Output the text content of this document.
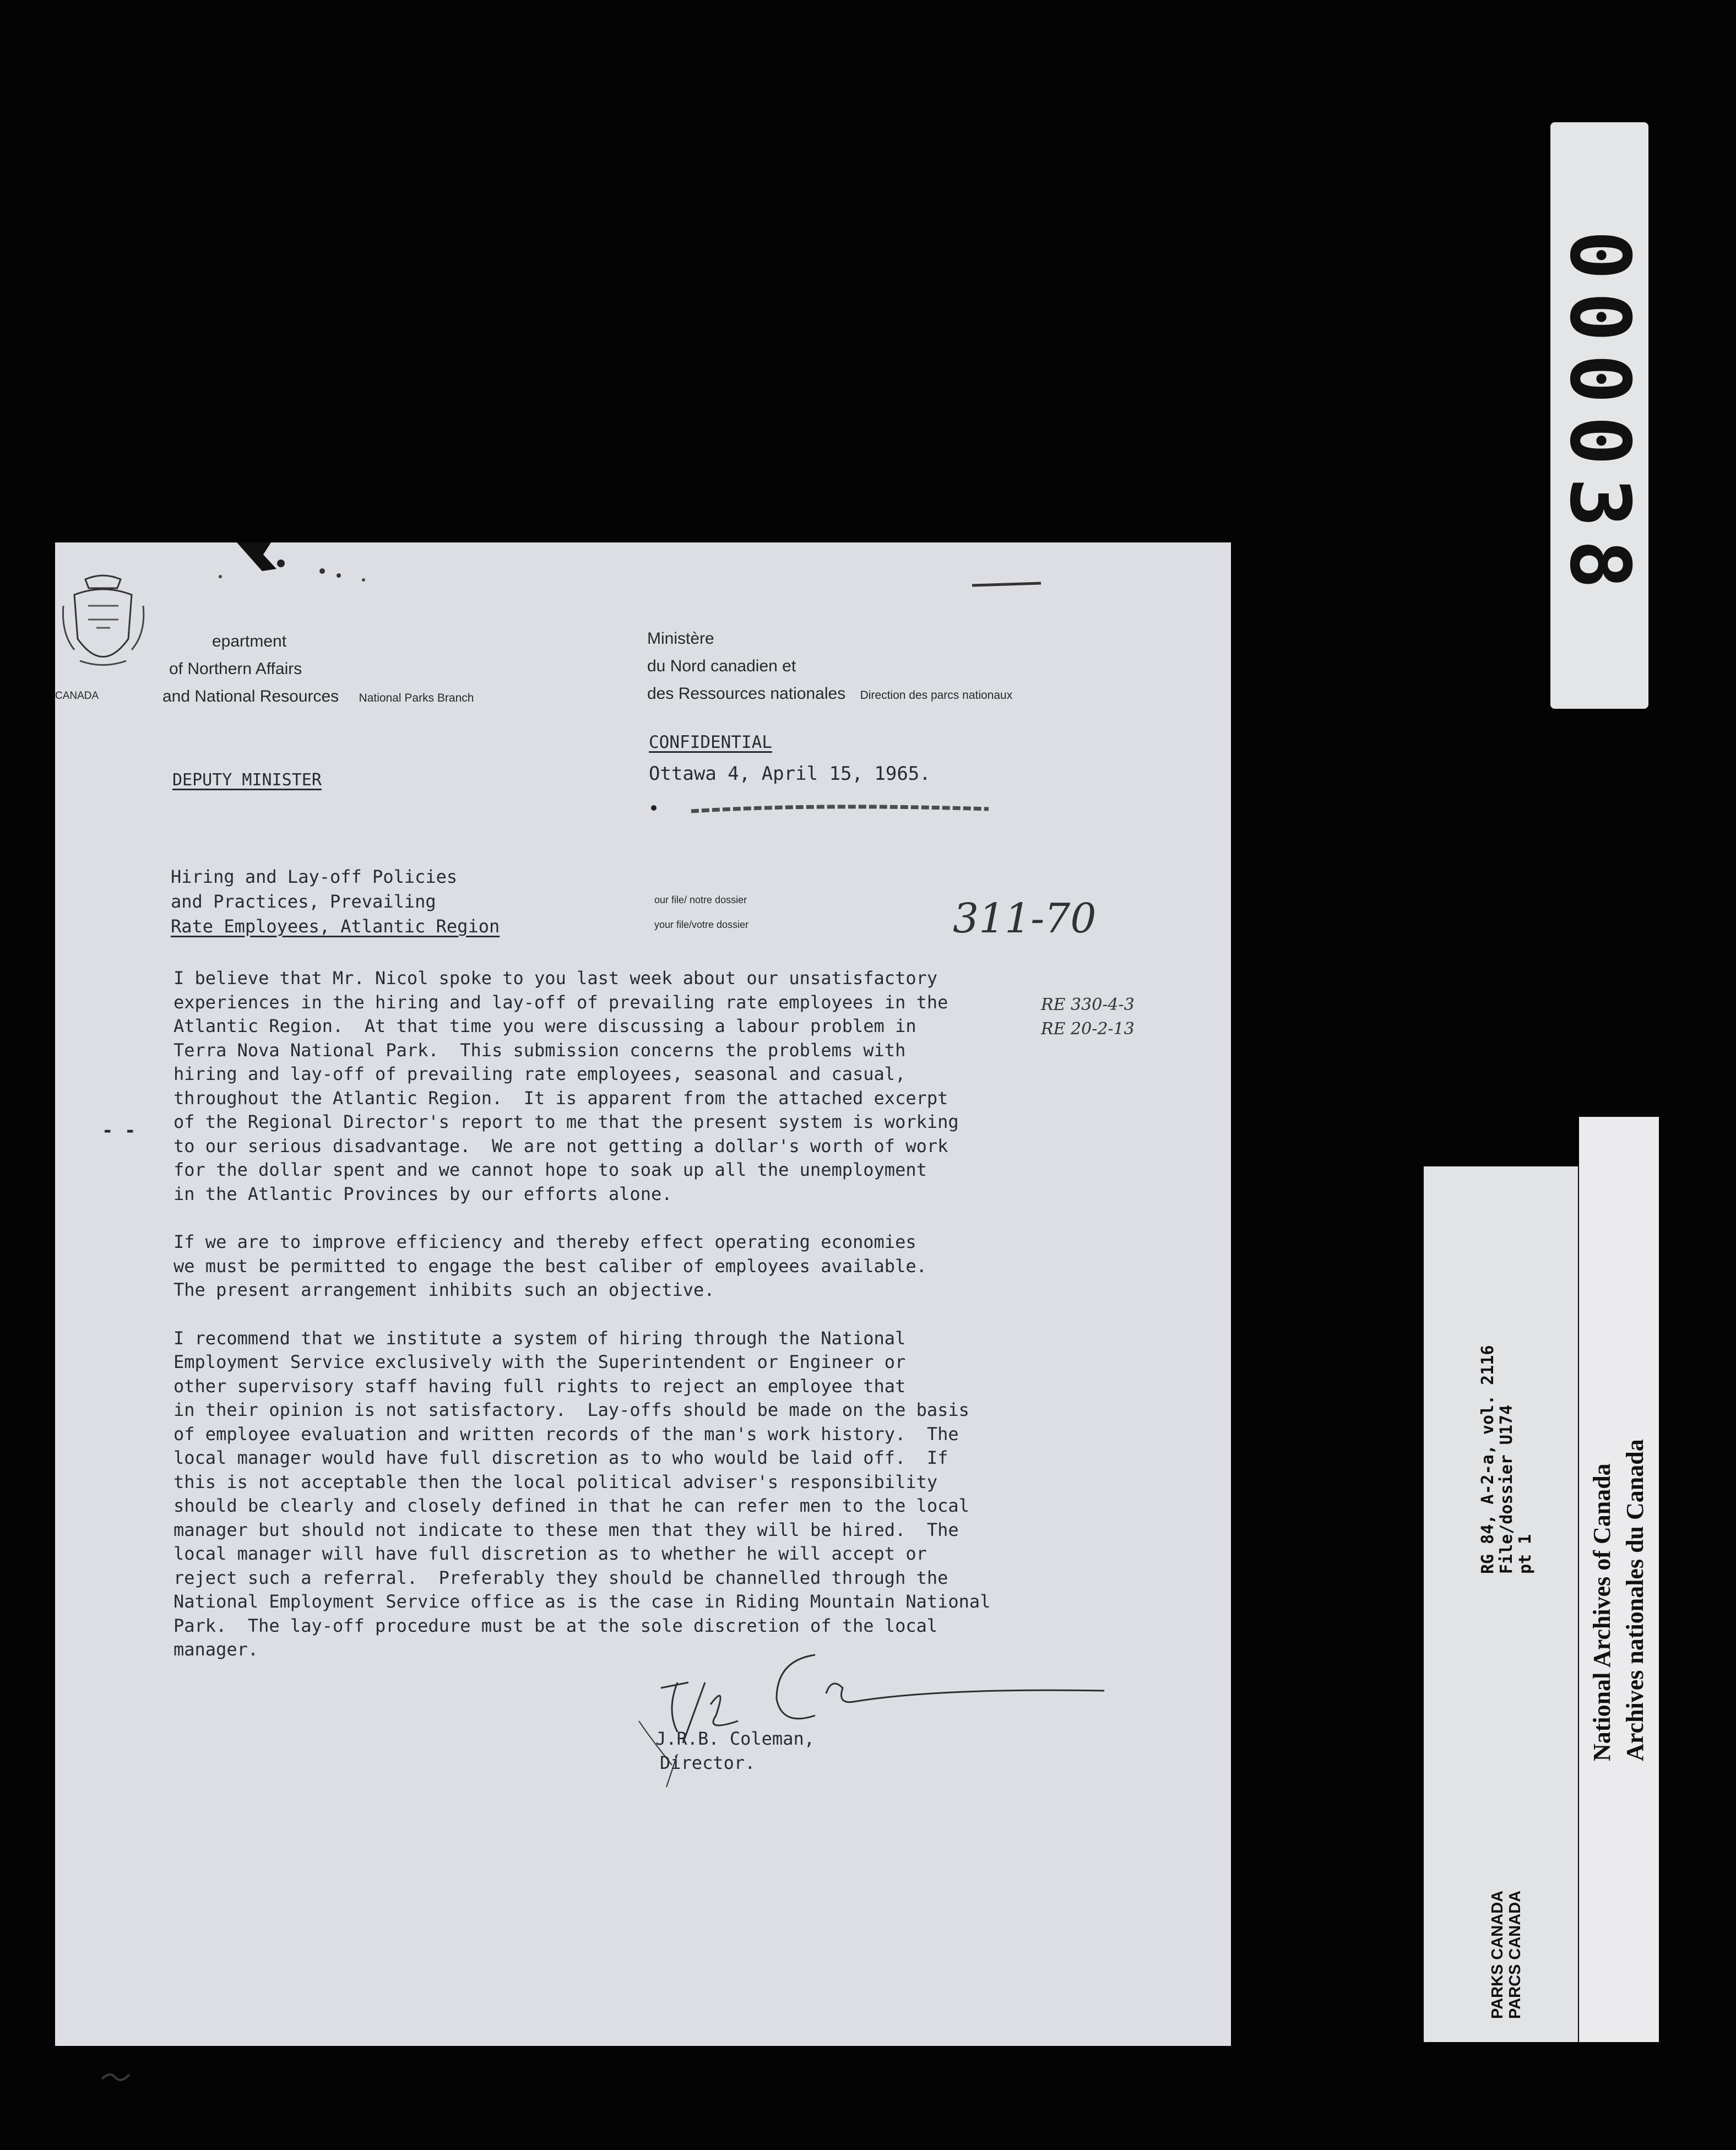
000038
CANADA
epartment
of Northern Affairs
and National Resources National Parks Branch
Ministère
du Nord canadien et
des Ressources nationales Direction des parcs nationaux
CONFIDENTIAL
Ottawa 4, April 15, 1965.
DEPUTY MINISTER
Hiring and Lay-off Policies
and Practices, Prevailing
Rate Employees, Atlantic Region
our file/ notre dossier
your file/votre dossier	311-70
RE 330-4-3
RE 20-2-13
- -

I believe that Mr. Nicol spoke to you last week about our unsatisfactory
experiences in the hiring and lay-off of prevailing rate employees in the
Atlantic Region.  At that time you were discussing a labour problem in
Terra Nova National Park.  This submission concerns the problems with
hiring and lay-off of prevailing rate employees, seasonal and casual,
throughout the Atlantic Region.  It is apparent from the attached excerpt
of the Regional Director's report to me that the present system is working
to our serious disadvantage.  We are not getting a dollar's worth of work
for the dollar spent and we cannot hope to soak up all the unemployment
in the Atlantic Provinces by our efforts alone.

If we are to improve efficiency and thereby effect operating economies
we must be permitted to engage the best caliber of employees available.
The present arrangement inhibits such an objective.

I recommend that we institute a system of hiring through the National
Employment Service exclusively with the Superintendent or Engineer or
other supervisory staff having full rights to reject an employee that
in their opinion is not satisfactory.  Lay-offs should be made on the basis
of employee evaluation and written records of the man's work history.  The
local manager would have full discretion as to who would be laid off.  If
this is not acceptable then the local political adviser's responsibility
should be clearly and closely defined in that he can refer men to the local
manager but should not indicate to these men that they will be hired.  The
local manager will have full discretion as to whether he will accept or
reject such a referral.  Preferably they should be channelled through the
National Employment Service office as is the case in Riding Mountain National
Park.  The lay-off procedure must be at the sole discretion of the local
manager.

J.R.B. Coleman,
Director.
RG 84, A-2-a, vol. 2116 File/dossier U174 pt 1
PARKS CANADA PARCS CANADA
National Archives of Canada Archives nationales du Canada
